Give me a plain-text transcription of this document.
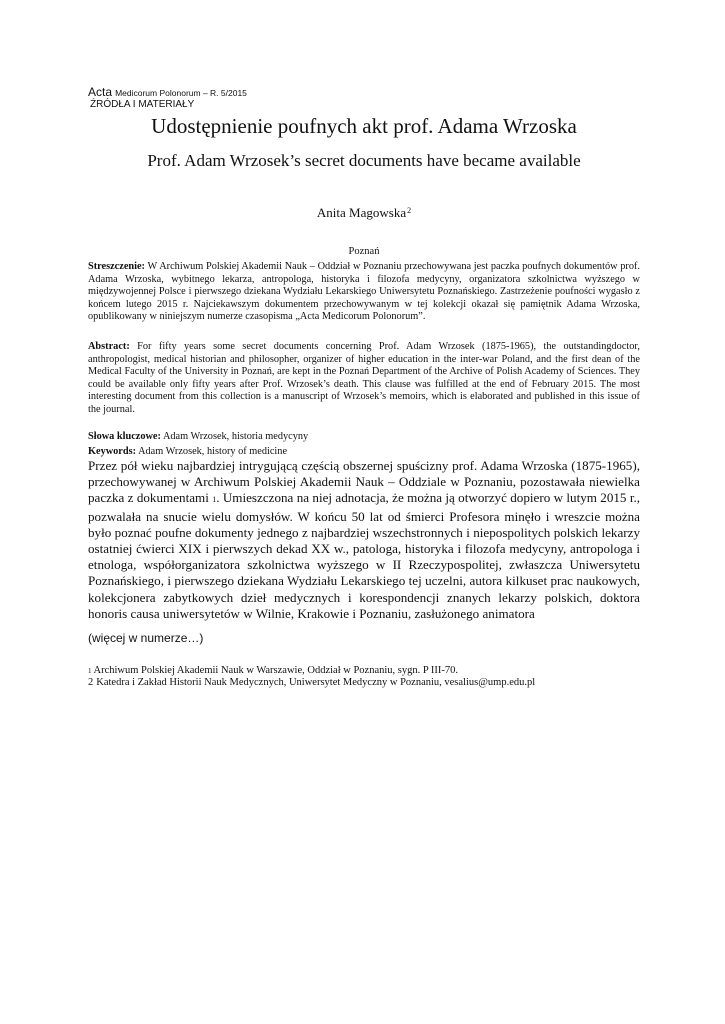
Acta Medicorum Polonorum – R. 5/2015
ŹRÓDŁA I MATERIAŁY
Udostępnienie poufnych akt prof. Adama Wrzoska
Prof. Adam Wrzosek’s secret documents have became available
Anita Magowska$^2$
Poznań
Streszczenie: W Archiwum Polskiej Akademii Nauk – Oddział w Poznaniu przechowywana jest paczka poufnych dokumentów prof. Adama Wrzoska, wybitnego lekarza, antropologa, historyka i filozofa medycyny, organizatora szkolnictwa wyższego w międzywojennej Polsce i pierwszego dziekana Wydziału Lekarskiego Uniwersytetu Poznańskiego. Zastrzeżenie poufności wygasło z końcem lutego 2015 r. Najciekawszym dokumentem przechowywanym w tej kolekcji okazał się pamiętnik Adama Wrzoska, opublikowany w niniejszym numerze czasopisma „Acta Medicorum Polonorum”.
Abstract: For fifty years some secret documents concerning Prof. Adam Wrzosek (1875-1965), the outstandingdoctor, anthropologist, medical historian and philosopher, organizer of higher education in the inter-war Poland, and the first dean of the Medical Faculty of the University in Poznań, are kept in the Poznań Department of the Archive of Polish Academy of Sciences. They could be available only fifty years after Prof. Wrzosek’s death. This clause was fulfilled at the end of February 2015. The most interesting document from this collection is a manuscript of Wrzosek’s memoirs, which is elaborated and published in this issue of the journal.
Słowa kluczowe: Adam Wrzosek, historia medycyny
Keywords: Adam Wrzosek, history of medicine
Przez pół wieku najbardziej intrygującą częścią obszernej spuścizny prof. Adama Wrzoska (1875-1965), przechowywanej w Archiwum Polskiej Akademii Nauk – Oddziale w Poznaniu, pozostawała niewielka paczka z dokumentami 1. Umieszczona na niej adnotacja, że można ją otworzyć dopiero w lutym 2015 r., pozwalała na snucie wielu domysłów. W końcu 50 lat od śmierci Profesora minęło i wreszcie można było poznać poufne dokumenty jednego z najbardziej wszechstronnych i niepospolitych polskich lekarzy ostatniej ćwierci XIX i pierwszych dekad XX w., patologa, historyka i filozofa medycyny, antropologa i etnologa, współorganizatora szkolnictwa wyższego w II Rzeczypospolitej, zwłaszcza Uniwersytetu Poznańskiego, i pierwszego dziekana Wydziału Lekarskiego tej uczelni, autora kilkuset prac naukowych, kolekcjonera zabytkowych dzieł medycznych i korespondencji znanych lekarzy polskich, doktora honoris causa uniwersytetów w Wilnie, Krakowie i Poznaniu, zasłużonego animatora
(więcej w numerze…)
1 Archiwum Polskiej Akademii Nauk w Warszawie, Oddział w Poznaniu, sygn. P III-70.
2 Katedra i Zakład Historii Nauk Medycznych, Uniwersytet Medyczny w Poznaniu, vesalius@ump.edu.pl
